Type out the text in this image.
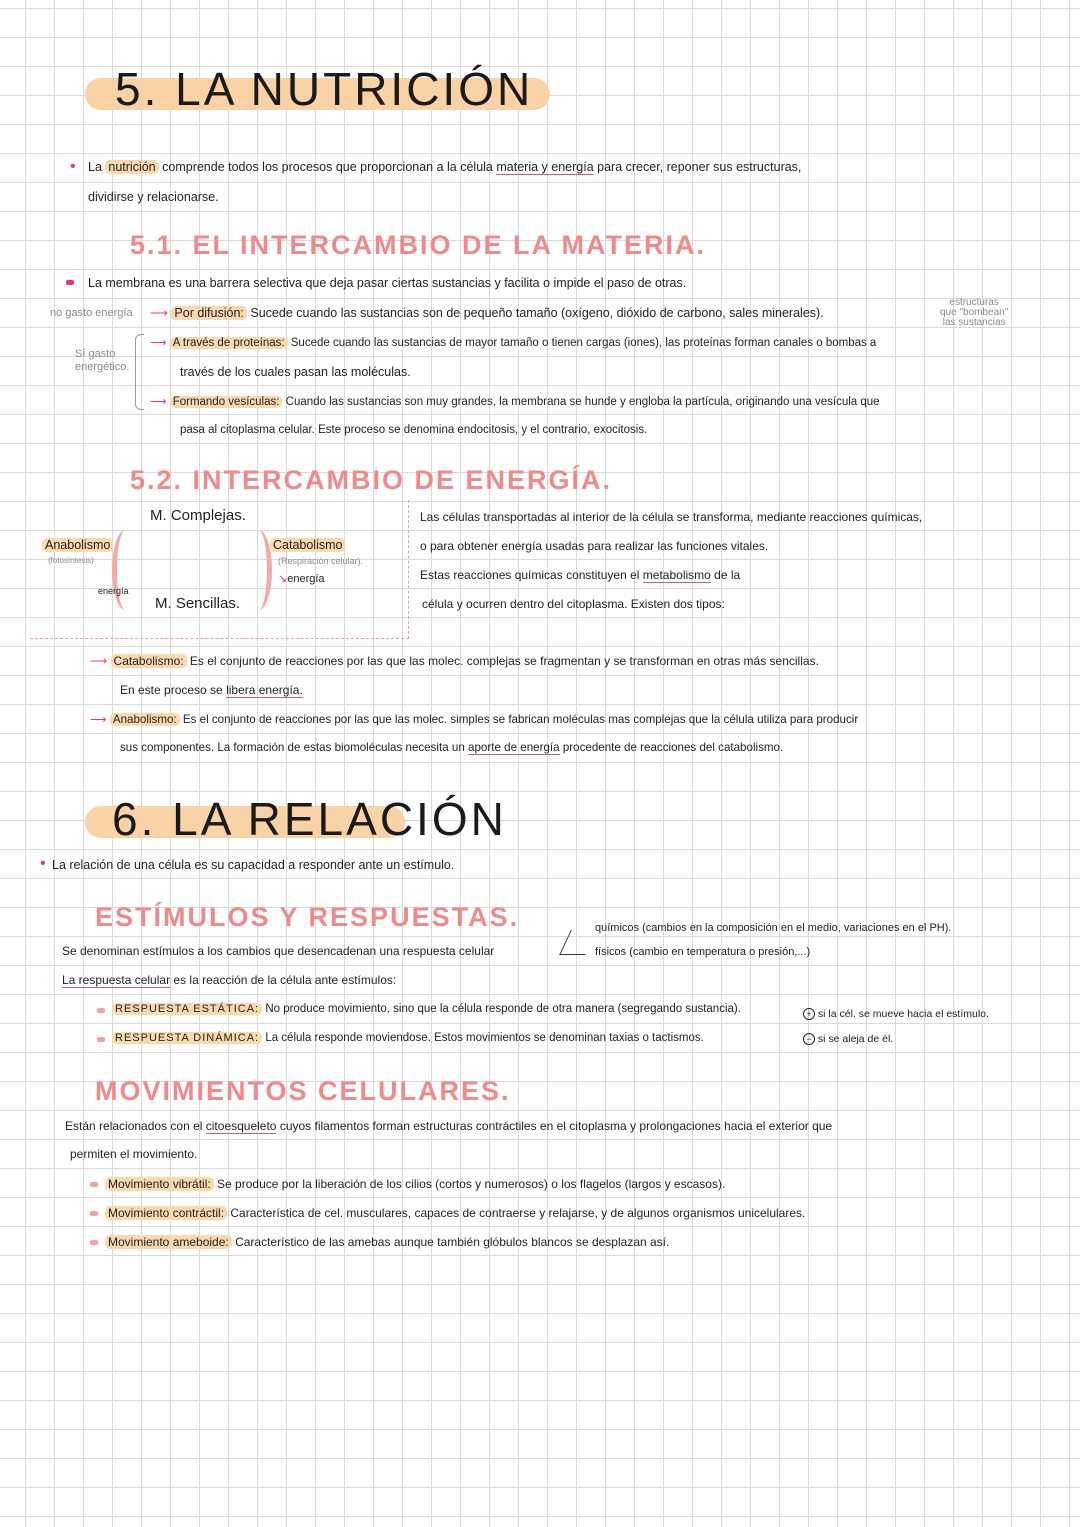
5. LA NUTRICIÓN
• La nutrición comprende todos los procesos que proporcionan a la célula materia y energía para crecer, reponer sus estructuras,
dividirse y relacionarse.
5.1. EL INTERCAMBIO DE LA MATERIA.
La membrana es una barrera selectiva que deja pasar ciertas sustancias y facilita o impide el paso de otras.
no gasto energía
Sí gasto energético.
estructuras
que "bombean"
las sustancias
⟶ Por difusión: Sucede cuando las sustancias son de pequeño tamaño (oxígeno, dióxido de carbono, sales minerales).
⟶ A través de proteínas: Sucede cuando las sustancias de mayor tamaño o tienen cargas (iones), las proteínas forman canales o bombas a
través de los cuales pasan las moléculas.
⟶ Formando vesículas: Cuando las sustancias son muy grandes, la membrana se hunde y engloba la partícula, originando una vesícula que
pasa al citoplasma celular. Este proceso se denomina endocitosis, y el contrario, exocitosis.
5.2. INTERCAMBIO DE ENERGÍA.
M. Complejas.
M. Sencillas.
Anabolismo
(fotosíntesis)
Catabolismo
(Respiración celular).
↘energía
energía
Las células transportadas al interior de la célula se transforma, mediante reacciones químicas,
o para obtener energía usadas para realizar las funciones vitales.
Estas reacciones químicas constituyen el metabolismo de la
célula y ocurren dentro del citoplasma. Existen dos tipos:
⟶ Catabolismo: Es el conjunto de reacciones por las que las molec. complejas se fragmentan y se transforman en otras más sencillas.
En este proceso se libera energía.
⟶ Anabolismo: Es el conjunto de reacciones por las que las molec. simples se fabrican moléculas mas complejas que la célula utiliza para producir
sus componentes. La formación de estas biomoléculas necesita un aporte de energía procedente de reacciones del catabolismo.
6. LA RELACIÓN
• La relación de una célula es su capacidad a responder ante un estímulo.
ESTÍMULOS Y RESPUESTAS.
Se denominan estímulos a los cambios que desencadenan una respuesta celular
químicos (cambios en la composición en el medio, variaciones en el PH).
físicos (cambio en temperatura o presión,...)
La respuesta celular es la reacción de la célula ante estímulos:
RESPUESTA ESTÁTICA: No produce movimiento, sino que la célula responde de otra manera (segregando sustancia).
RESPUESTA DINÁMICA: La célula responde moviendose. Estos movimientos se denominan taxias o tactismos.
+ si la cél. se mueve hacia el estímulo.
− si se aleja de él.
MOVIMIENTOS CELULARES.
Están relacionados con el citoesqueleto cuyos filamentos forman estructuras contráctiles en el citoplasma y prolongaciones hacia el exterior que
permiten el movimiento.
Movimiento vibrátil: Se produce por la liberación de los cilios (cortos y numerosos) o los flagelos (largos y escasos).
Movimiento contráctil: Característica de cel. musculares, capaces de contraerse y relajarse, y de algunos organismos unicelulares.
Movimiento ameboide: Característico de las amebas aunque también glóbulos blancos se desplazan así.
